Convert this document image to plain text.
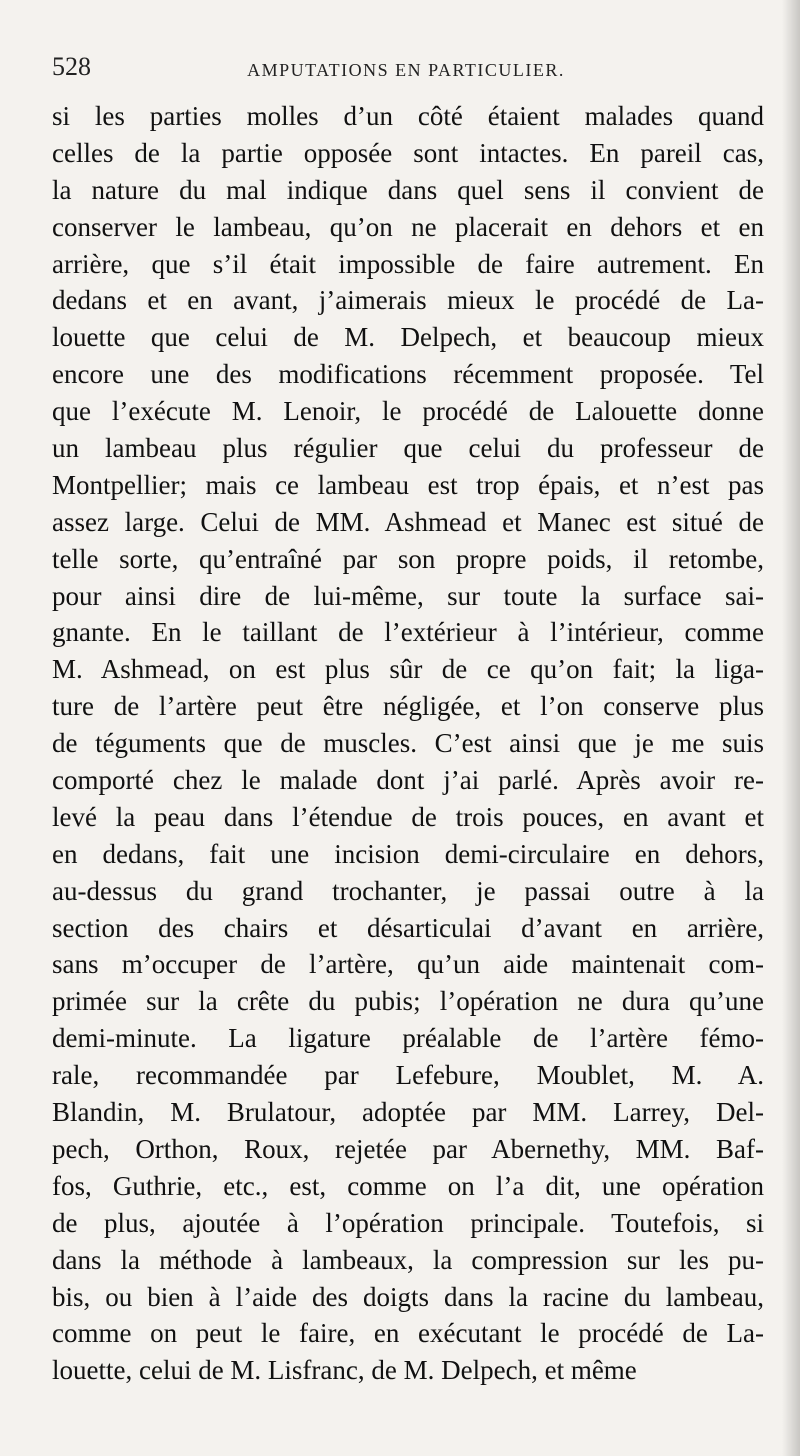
528	AMPUTATIONS EN PARTICULIER.
si les parties molles d’un côté étaient malades quand
celles de la partie opposée sont intactes. En pareil cas,
la nature du mal indique dans quel sens il convient de
conserver le lambeau, qu’on ne placerait en dehors et en
arrière, que s’il était impossible de faire autrement. En
dedans et en avant, j’aimerais mieux le procédé de La-
louette que celui de M. Delpech, et beaucoup mieux
encore une des modifications récemment proposée. Tel
que l’exécute M. Lenoir, le procédé de Lalouette donne
un lambeau plus régulier que celui du professeur de
Montpellier; mais ce lambeau est trop épais, et n’est pas
assez large. Celui de MM. Ashmead et Manec est situé de
telle sorte, qu’entraîné par son propre poids, il retombe,
pour ainsi dire de lui-même, sur toute la surface sai-
gnante. En le taillant de l’extérieur à l’intérieur, comme
M. Ashmead, on est plus sûr de ce qu’on fait; la liga-
ture de l’artère peut être négligée, et l’on conserve plus
de téguments que de muscles. C’est ainsi que je me suis
comporté chez le malade dont j’ai parlé. Après avoir re-
levé la peau dans l’étendue de trois pouces, en avant et
en dedans, fait une incision demi-circulaire en dehors,
au-dessus du grand trochanter, je passai outre à la
section des chairs et désarticulai d’avant en arrière,
sans m’occuper de l’artère, qu’un aide maintenait com-
primée sur la crête du pubis; l’opération ne dura qu’une
demi-minute. La ligature préalable de l’artère fémo-
rale, recommandée par Lefebure, Moublet, M. A.
Blandin, M. Brulatour, adoptée par MM. Larrey, Del-
pech, Orthon, Roux, rejetée par Abernethy, MM. Baf-
fos, Guthrie, etc., est, comme on l’a dit, une opération
de plus, ajoutée à l’opération principale. Toutefois, si
dans la méthode à lambeaux, la compression sur les pu-
bis, ou bien à l’aide des doigts dans la racine du lambeau,
comme on peut le faire, en exécutant le procédé de La-
louette, celui de M. Lisfranc, de M. Delpech, et même
